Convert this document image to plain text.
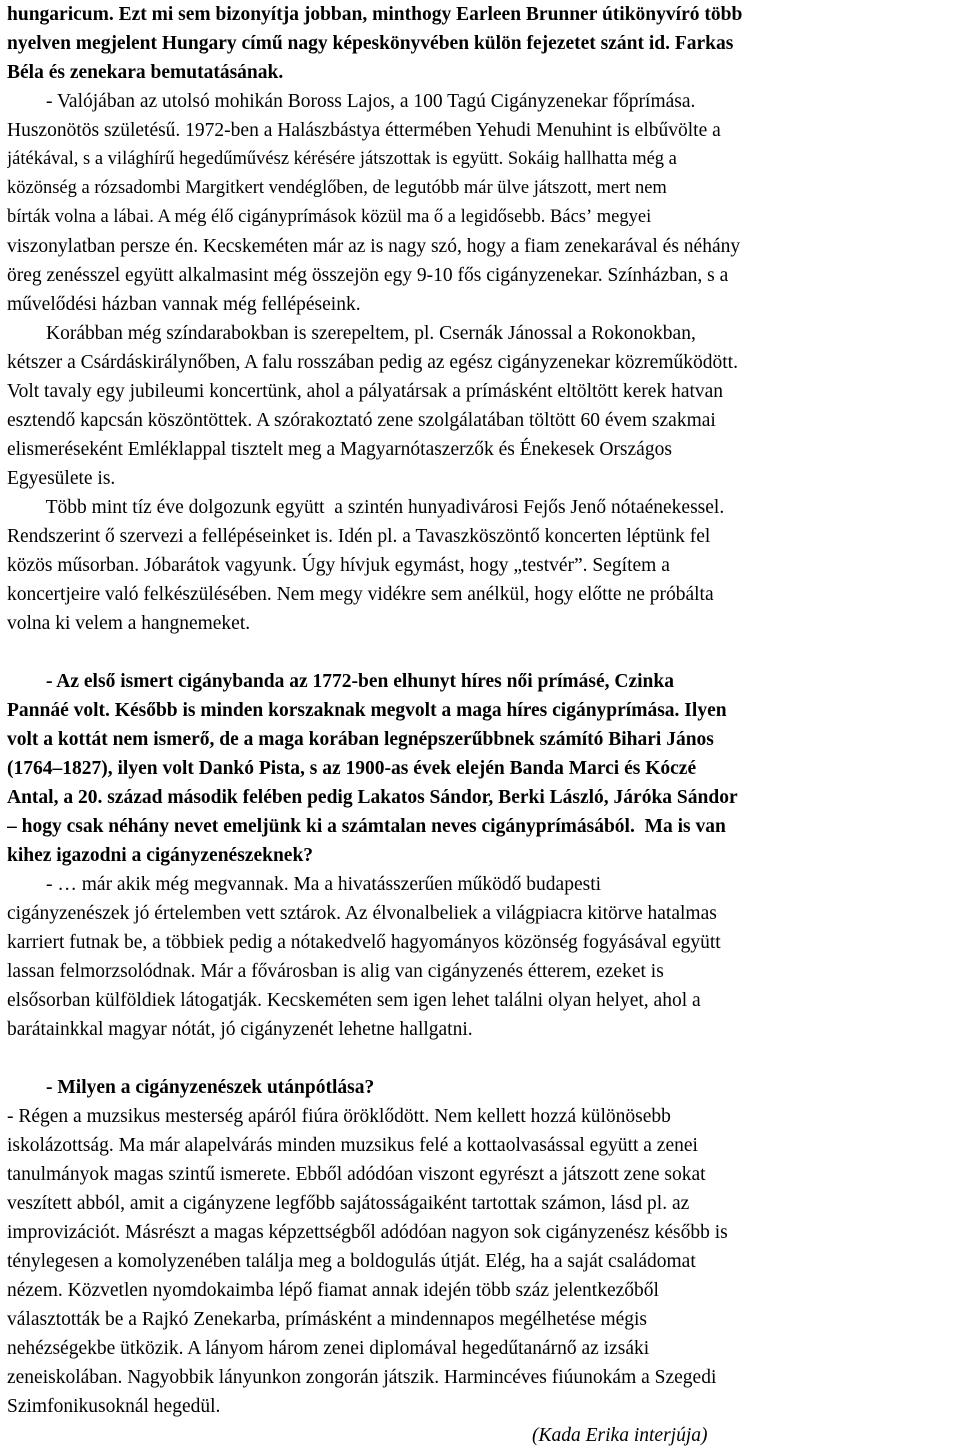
hungaricum. Ezt mi sem bizonyítja jobban, minthogy Earleen Brunner útikönyvíró több
nyelven megjelent Hungary című nagy képeskönyvében külön fejezetet szánt id. Farkas
Béla és zenekara bemutatásának.
- Valójában az utolsó mohikán Boross Lajos, a 100 Tagú Cigányzenekar főprímása.
Huszonötös születésű. 1972-ben a Halászbástya éttermében Yehudi Menuhint is elbűvölte a
játékával, s a világhírű hegedűművész kérésére játszottak is együtt. Sokáig hallhatta még a
közönség a rózsadombi Margitkert vendéglőben, de legutóbb már ülve játszott, mert nem
bírták volna a lábai. A még élő cigányprímások közül ma ő a legidősebb. Bácsʼ megyei
viszonylatban persze én. Kecskeméten már az is nagy szó, hogy a fiam zenekarával és néhány
öreg zenésszel együtt alkalmasint még összejön egy 9-10 fős cigányzenekar. Színházban, s a
művelődési házban vannak még fellépéseink.
Korábban még színdarabokban is szerepeltem, pl. Csernák Jánossal a Rokonokban,
kétszer a Csárdáskirálynőben, A falu rosszában pedig az egész cigányzenekar közreműködött.
Volt tavaly egy jubileumi koncertünk, ahol a pályatársak a prímásként eltöltött kerek hatvan
esztendő kapcsán köszöntöttek. A szórakoztató zene szolgálatában töltött 60 évem szakmai
elismeréseként Emléklappal tisztelt meg a Magyarnótaszerzők és Énekesek Országos
Egyesülete is.
Több mint tíz éve dolgozunk együtt  a szintén hunyadivárosi Fejős Jenő nótaénekessel.
Rendszerint ő szervezi a fellépéseinket is. Idén pl. a Tavaszköszöntő koncerten léptünk fel
közös műsorban. Jóbarátok vagyunk. Úgy hívjuk egymást, hogy „testvér”. Segítem a
koncertjeire való felkészülésében. Nem megy vidékre sem anélkül, hogy előtte ne próbálta
volna ki velem a hangnemeket.
- Az első ismert cigánybanda az 1772-ben elhunyt híres női prímásé, Czinka
Pannáé volt. Később is minden korszaknak megvolt a maga híres cigányprímása. Ilyen
volt a kottát nem ismerő, de a maga korában legnépszerűbbnek számító Bihari János
(1764–1827), ilyen volt Dankó Pista, s az 1900-as évek elején Banda Marci és Kóczé
Antal, a 20. század második felében pedig Lakatos Sándor, Berki László, Járóka Sándor
– hogy csak néhány nevet emeljünk ki a számtalan neves cigányprímásából.  Ma is van
kihez igazodni a cigányzenészeknek?
- … már akik még megvannak. Ma a hivatásszerűen működő budapesti
cigányzenészek jó értelemben vett sztárok. Az élvonalbeliek a világpiacra kitörve hatalmas
karriert futnak be, a többiek pedig a nótakedvelő hagyományos közönség fogyásával együtt
lassan felmorzsolódnak. Már a fővárosban is alig van cigányzenés étterem, ezeket is
elsősorban külföldiek látogatják. Kecskeméten sem igen lehet találni olyan helyet, ahol a
barátainkkal magyar nótát, jó cigányzenét lehetne hallgatni.
- Milyen a cigányzenészek utánpótlása?
- Régen a muzsikus mesterség apáról fiúra öröklődött. Nem kellett hozzá különösebb
iskolázottság. Ma már alapelvárás minden muzsikus felé a kottaolvasással együtt a zenei
tanulmányok magas szintű ismerete. Ebből adódóan viszont egyrészt a játszott zene sokat
veszített abból, amit a cigányzene legfőbb sajátosságaiként tartottak számon, lásd pl. az
improvizációt. Másrészt a magas képzettségből adódóan nagyon sok cigányzenész később is
ténylegesen a komolyzenében találja meg a boldogulás útját. Elég, ha a saját családomat
nézem. Közvetlen nyomdokaimba lépő fiamat annak idején több száz jelentkezőből
választották be a Rajkó Zenekarba, prímásként a mindennapos megélhetése mégis
nehézségekbe ütközik. A lányom három zenei diplomával hegedűtanárnő az izsáki
zeneiskolában. Nagyobbik lányunkon zongorán játszik. Harmincéves fiúunokám a Szegedi
Szimfonikusoknál hegedül.
(Kada Erika interjúja)
